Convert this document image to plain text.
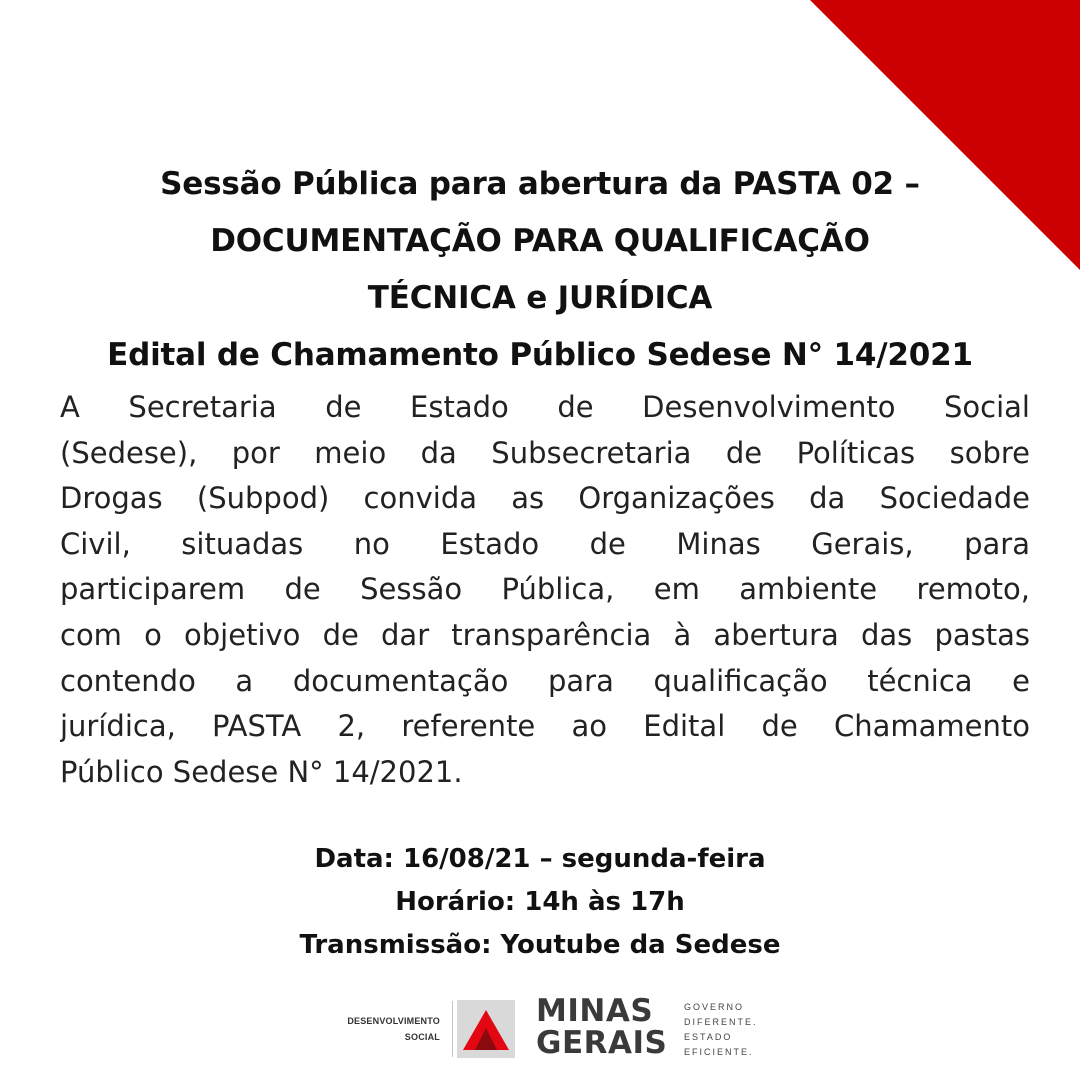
Sessão Pública para abertura da PASTA 02 –
DOCUMENTAÇÃO PARA QUALIFICAÇÃO
TÉCNICA e JURÍDICA
Edital de Chamamento Público Sedese N° 14/2021
A Secretaria de Estado de Desenvolvimento Social
(Sedese), por meio da Subsecretaria de Políticas sobre
Drogas (Subpod) convida as Organizações da Sociedade
Civil, situadas no Estado de Minas Gerais, para
participarem de Sessão Pública, em ambiente remoto,
com o objetivo de dar transparência à abertura das pastas
contendo a documentação para qualificação técnica e
jurídica, PASTA 2, referente ao Edital de Chamamento
Público Sedese N° 14/2021.
Data: 16/08/21 – segunda-feira
Horário: 14h às 17h
Transmissão: Youtube da Sedese
DESENVOLVIMENTO
SOCIAL
MINAS
GERAIS
GOVERNO
DIFERENTE.
ESTADO
EFICIENTE.
